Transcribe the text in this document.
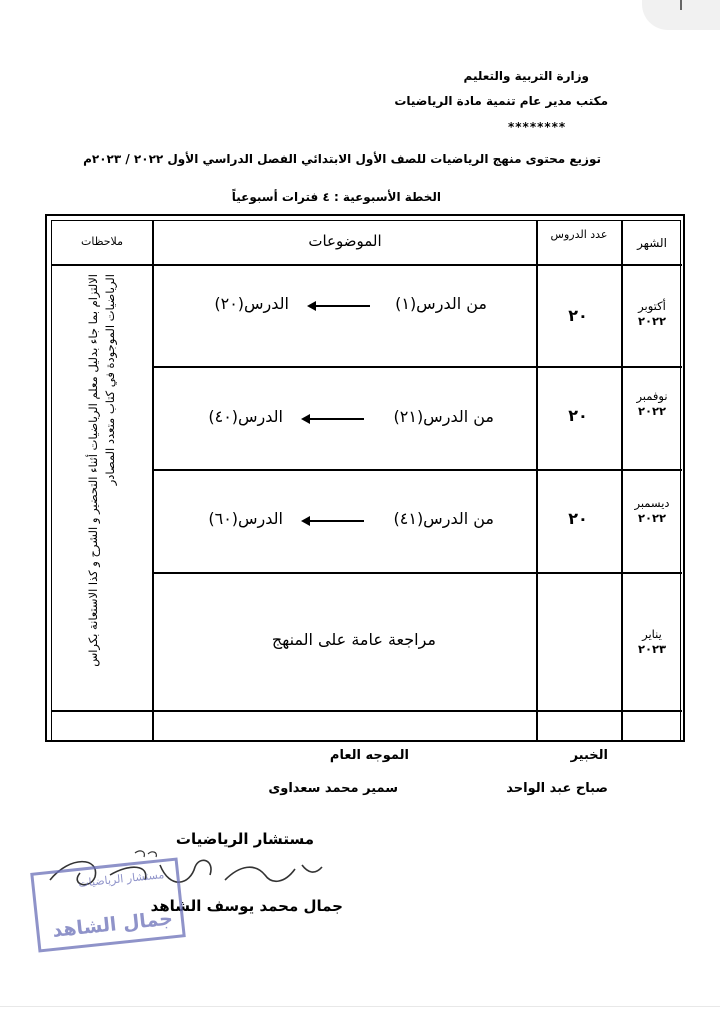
وزارة التربية والتعليم
مكتب مدير عام تنمية مادة الرياضيات
********
توزيع محتوى منهج الرياضيات للصف الأول الابتدائي الفصل الدراسي الأول ٢٠٢٢ / ٢٠٢٣م
الخطة الأسبوعية : ٤ فترات أسبوعياً
الشهر
عدد الدروس
الموضوعات
ملاحظات
أكتوبر
٢٠٢٢
٢٠
من الدرس(١)
الدرس(٢٠)
نوفمبر
٢٠٢٢
٢٠
من الدرس(٢١)
الدرس(٤٠)
ديسمبر
٢٠٢٢
٢٠
من الدرس(٤١)
الدرس(٦٠)
يناير
٢٠٢٣
مراجعة عامة على المنهج
الالتزام بما جاء بدليل معلم الرياضيات أثناء التحضير و الشرح و كذا الاستعانة بكراس الرياضيات الموجودة في كتاب متعدد المصادر
الخبير
الموجه العام
صباح عبد الواحد
سمير محمد سعداوى
مستشار الرياضيات
جمال محمد يوسف الشاهد
مستشار الرياضيات
جمال الشاهد
